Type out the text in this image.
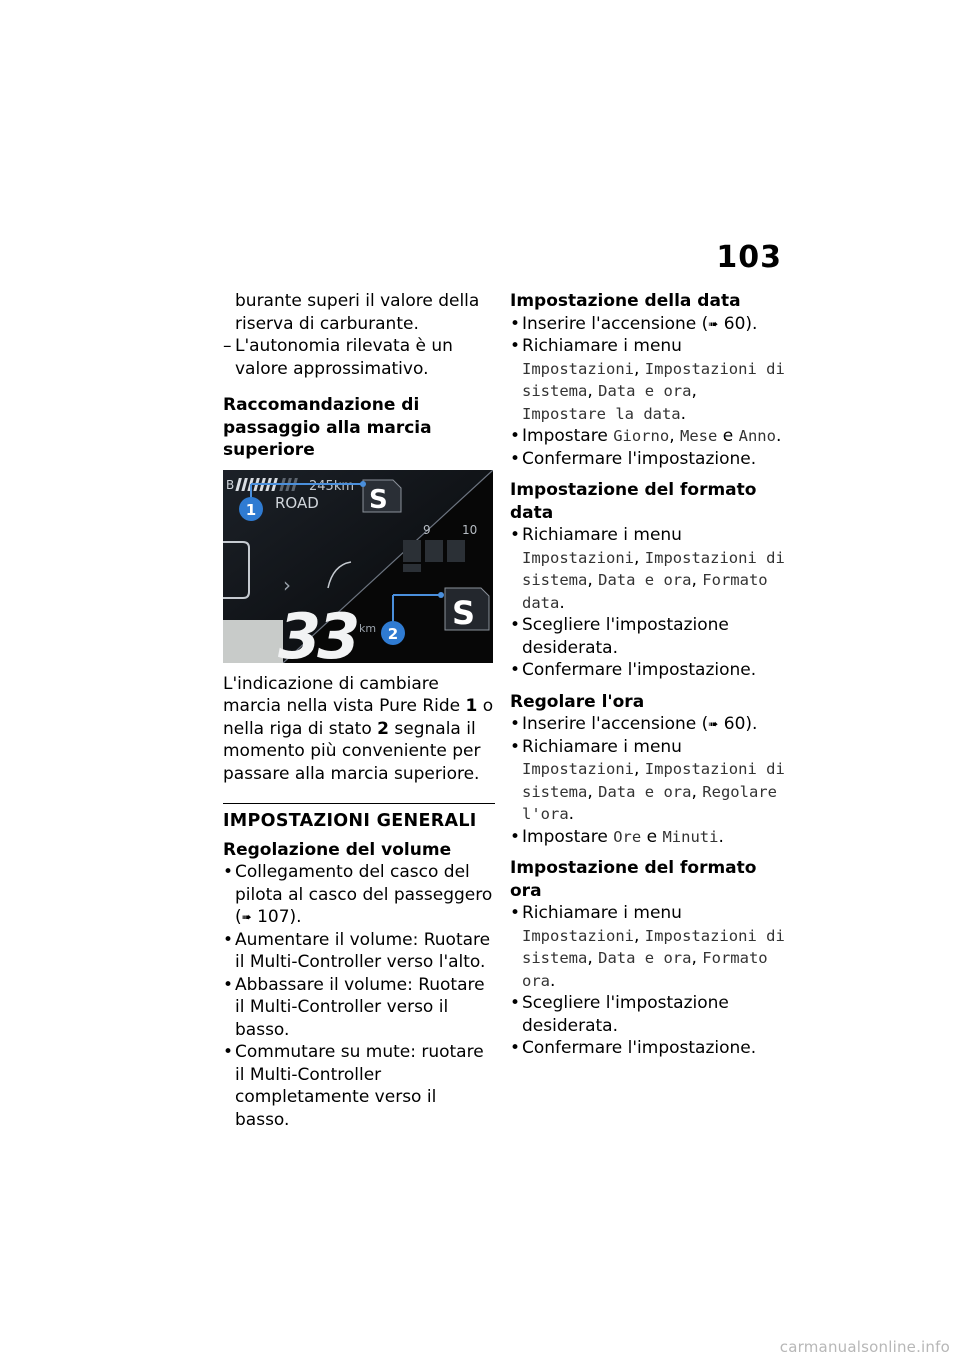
103

burante superi il valore della riserva di carburante.

– L'autonomia rilevata è un valore approssimativo.

Raccomandazione di passaggio alla marcia superiore

B	245km
ROAD S
1
›
9	10
33 km S
2

L'indicazione di cambiare marcia nella vista Pure Ride 1 o nella riga di stato 2 segnala il momento più conveniente per passare alla marcia superiore.

IMPOSTAZIONI GENERALI

Regolazione del volume

• Collegamento del casco del pilota al casco del passeggero (➠ 107).

• Aumentare il volume: Ruotare il Multi-Controller verso l'alto.

• Abbassare il volume: Ruotare il Multi-Controller verso il basso.

• Commutare su mute: ruotare il Multi-Controller completamente verso il basso.

Impostazione della data

• Inserire l'accensione (➠ 60).

• Richiamare i menu Impostazioni, Impostazioni di sistema, Data e ora, Impostare la data.

• Impostare Giorno, Mese e Anno.

• Confermare l'impostazione.

Impostazione del formato data

• Richiamare i menu Impostazioni, Impostazioni di sistema, Data e ora, Formato data.

• Scegliere l'impostazione desiderata.

• Confermare l'impostazione.

Regolare l'ora

• Inserire l'accensione (➠ 60).

• Richiamare i menu Impostazioni, Impostazioni di sistema, Data e ora, Regolare l'ora.

• Impostare Ore e Minuti.

Impostazione del formato ora

• Richiamare i menu Impostazioni, Impostazioni di sistema, Data e ora, Formato ora.

• Scegliere l'impostazione desiderata.

• Confermare l'impostazione.

carmanualsonline.info
